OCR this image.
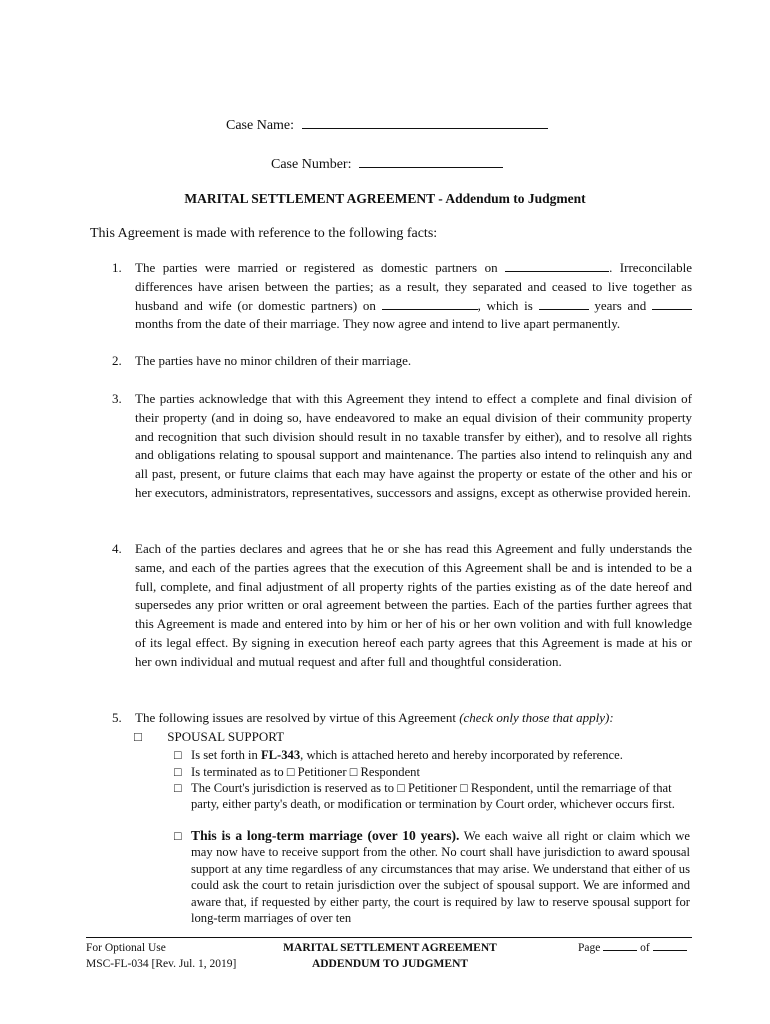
Case Name:
Case Number:
MARITAL SETTLEMENT AGREEMENT - Addendum to Judgment
This Agreement is made with reference to the following facts:
1. The parties were married or registered as domestic partners on	. Irreconcilable differences have arisen between the parties; as a result, they separated and ceased to live together as husband and wife (or domestic partners) on	, which is	years and  months from the date of their marriage. They now agree and intend to live apart permanently.
2. The parties have no minor children of their marriage.
3. The parties acknowledge that with this Agreement they intend to effect a complete and final division of their property (and in doing so, have endeavored to make an equal division of their community property and recognition that such division should result in no taxable transfer by either), and to resolve all rights and obligations relating to spousal support and maintenance. The parties also intend to relinquish any and all past, present, or future claims that each may have against the property or estate of the other and his or her executors, administrators, representatives, successors and assigns, except as otherwise provided herein.
4. Each of the parties declares and agrees that he or she has read this Agreement and fully understands the same, and each of the parties agrees that the execution of this Agreement shall be and is intended to be a full, complete, and final adjustment of all property rights of the parties existing as of the date hereof and supersedes any prior written or oral agreement between the parties. Each of the parties further agrees that this Agreement is made and entered into by him or her of his or her own volition and with full knowledge of its legal effect. By signing in execution hereof each party agrees that this Agreement is made at his or her own individual and mutual request and after full and thoughtful consideration.
5. The following issues are resolved by virtue of this Agreement (check only those that apply):
□ SPOUSAL SUPPORT
□ Is set forth in FL-343, which is attached hereto and hereby incorporated by reference.
□ Is terminated as to □ Petitioner □ Respondent
□ The Court's jurisdiction is reserved as to □ Petitioner □ Respondent, until the remarriage of that party, either party's death, or modification or termination by Court order, whichever occurs first.
□ This is a long-term marriage (over 10 years). We each waive all right or claim which we may now have to receive support from the other. No court shall have jurisdiction to award spousal support at any time regardless of any circumstances that may arise. We understand that either of us could ask the court to retain jurisdiction over the subject of spousal support. We are informed and aware that, if requested by either party, the court is required by law to reserve spousal support for long-term marriages of over ten
For Optional Use
MSC-FL-034 [Rev. Jul. 1, 2019]
MARITAL SETTLEMENT AGREEMENT
ADDENDUM TO JUDGMENT
Page	of
